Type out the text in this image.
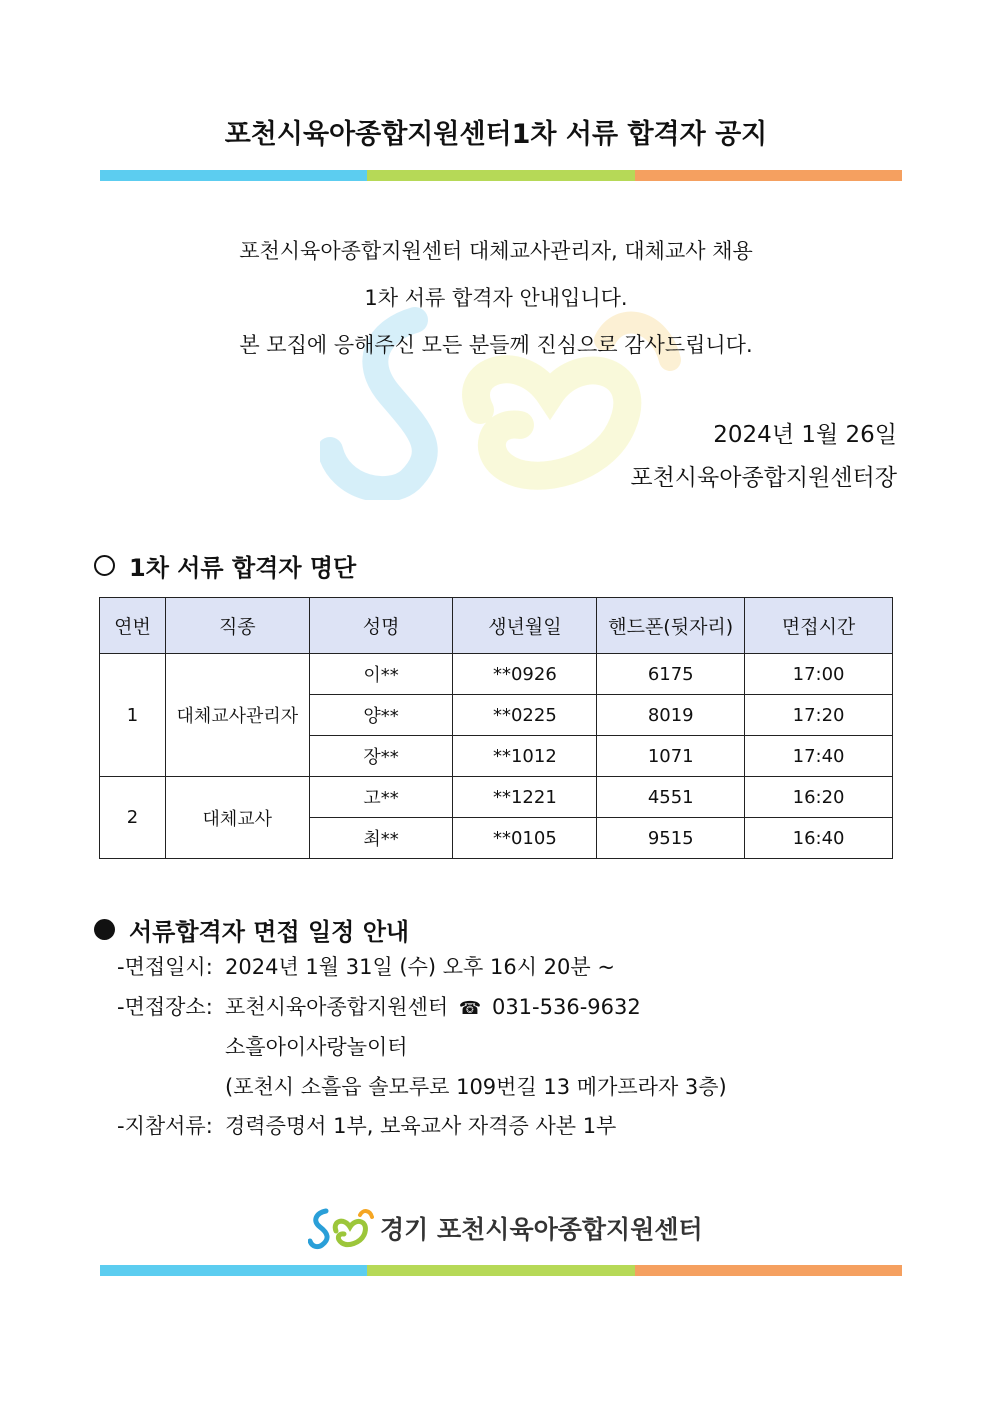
포천시육아종합지원센터1차 서류 합격자 공지
포천시육아종합지원센터 대체교사관리자, 대체교사 채용
1차 서류 합격자 안내입니다.
본 모집에 응해주신 모든 분들께 진심으로 감사드립니다.
2024년 1월 26일
포천시육아종합지원센터장
1차 서류 합격자 명단
연번	직종	성명	생년월일	핸드폰(뒷자리)	면접시간
1	대체교사관리자	이**	**0926	6175	17:00
		양**	**0225	8019	17:20
		장**	**1012	1071	17:40
2	대체교사	고**	**1221	4551	16:20
		최**	**0105	9515	16:40
서류합격자 면접 일정 안내
-면접일시: 2024년 1월 31일 (수) 오후 16시 20분 ~
-면접장소: 포천시육아종합지원센터 ☎ 031-536-9632
소흘아이사랑놀이터
(포천시 소흘읍 솔모루로 109번길 13 메가프라자 3층)
-지참서류: 경력증명서 1부, 보육교사 자격증 사본 1부
경기 포천시육아종합지원센터
